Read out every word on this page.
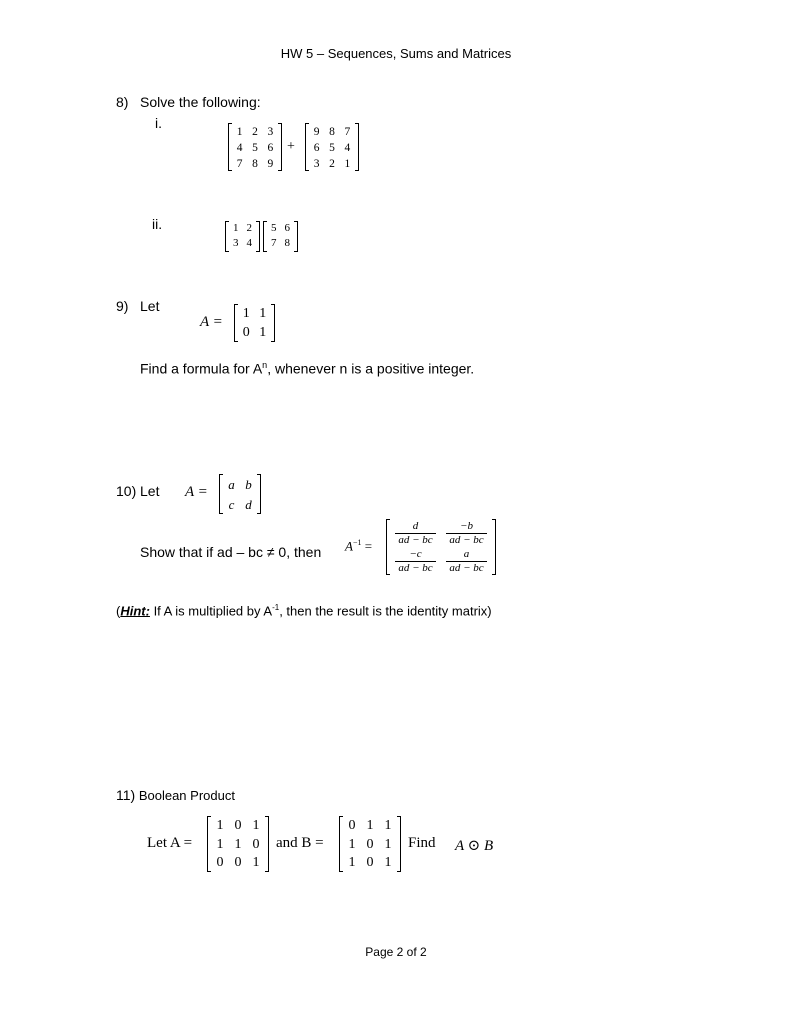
HW 5 – Sequences, Sums and Matrices
8) Solve the following:
i.
1	2	3
4	5	6
7	8	9
+
9	8	7
6	5	4
3	2	1
ii.	1	2
3	4
5	6
7	8
9) Let
A =
1	1
0	1
Find a formula for $A^n$, whenever n is a positive integer.
10) Let A = a	b
c	d
Show that if ad – bc ≠ 0, then $A^{-1} = \frac{d}{ad - bc}$	$\frac{-b}{ad - bc}$

$\frac{-c}{ad - bc}$	$\frac{a}{ad - bc}$
(Hint: If A is multiplied by $A^{-1}$, then the result is the identity matrix)
11) Boolean Product
Let A =
1	0	1
1	1	0
0	0	1
and B =
0	1	1
1	0	1
1	0	1
Find A ⊙ B
Page 2 of 2
